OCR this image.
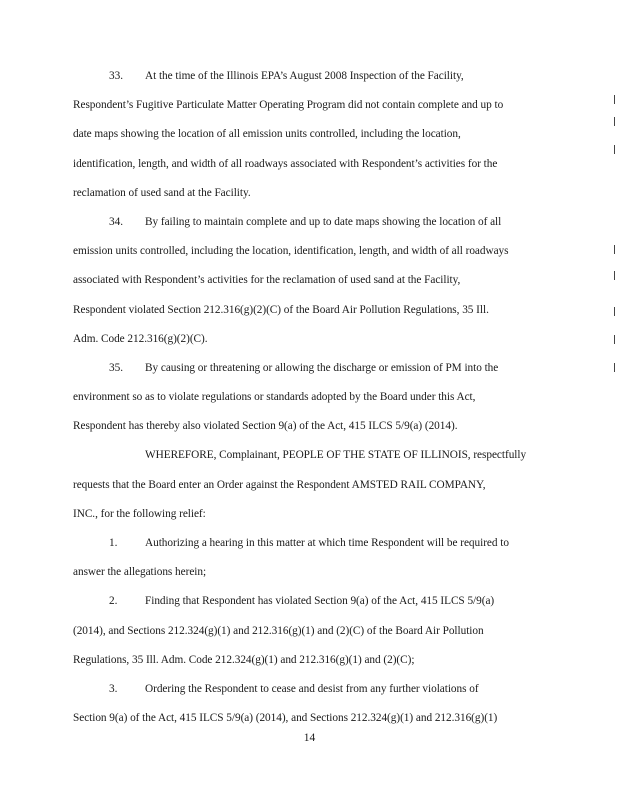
33. At the time of the Illinois EPA’s August 2008 Inspection of the Facility,
Respondent’s Fugitive Particulate Matter Operating Program did not contain complete and up to
date maps showing the location of all emission units controlled, including the location,
identification, length, and width of all roadways associated with Respondent’s activities for the
reclamation of used sand at the Facility.
34. By failing to maintain complete and up to date maps showing the location of all
emission units controlled, including the location, identification, length, and width of all roadways
associated with Respondent’s activities for the reclamation of used sand at the Facility,
Respondent violated Section 212.316(g)(2)(C) of the Board Air Pollution Regulations, 35 Ill.
Adm. Code 212.316(g)(2)(C).
35. By causing or threatening or allowing the discharge or emission of PM into the
environment so as to violate regulations or standards adopted by the Board under this Act,
Respondent has thereby also violated Section 9(a) of the Act, 415 ILCS 5/9(a) (2014).
WHEREFORE, Complainant, PEOPLE OF THE STATE OF ILLINOIS, respectfully
requests that the Board enter an Order against the Respondent AMSTED RAIL COMPANY,
INC., for the following relief:
1. Authorizing a hearing in this matter at which time Respondent will be required to
answer the allegations herein;
2. Finding that Respondent has violated Section 9(a) of the Act, 415 ILCS 5/9(a)
(2014), and Sections 212.324(g)(1) and 212.316(g)(1) and (2)(C) of the Board Air Pollution
Regulations, 35 Ill. Adm. Code 212.324(g)(1) and 212.316(g)(1) and (2)(C);
3. Ordering the Respondent to cease and desist from any further violations of
Section 9(a) of the Act, 415 ILCS 5/9(a) (2014), and Sections 212.324(g)(1) and 212.316(g)(1)
14
